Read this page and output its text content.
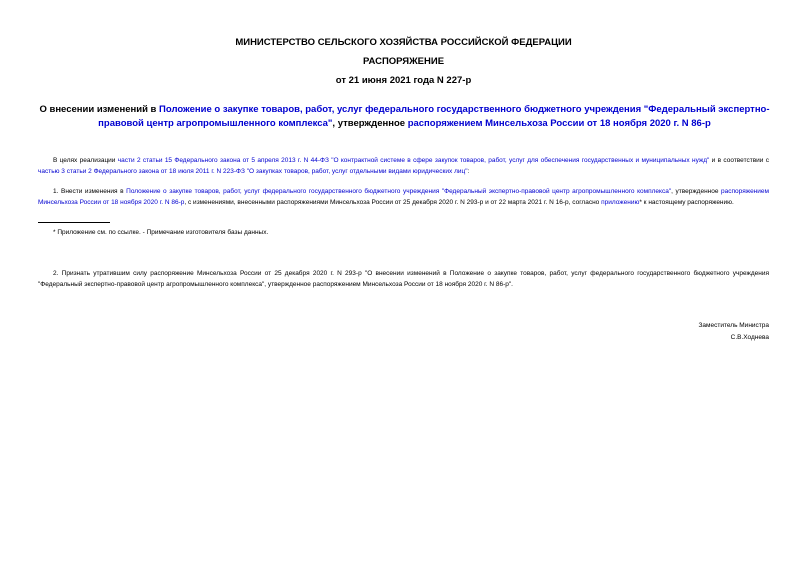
МИНИСТЕРСТВО СЕЛЬСКОГО ХОЗЯЙСТВА РОССИЙСКОЙ ФЕДЕРАЦИИ
РАСПОРЯЖЕНИЕ
от 21 июня 2021 года N 227-р
О внесении изменений в Положение о закупке товаров, работ, услуг федерального государственного бюджетного учреждения "Федеральный экспертно-правовой центр агропромышленного комплекса", утвержденное распоряжением Минсельхоза России от 18 ноября 2020 г. N 86-р
В целях реализации части 2 статьи 15 Федерального закона от 5 апреля 2013 г. N 44-ФЗ "О контрактной системе в сфере закупок товаров, работ, услуг для обеспечения государственных и муниципальных нужд" и в соответствии с частью 3 статьи 2 Федерального закона от 18 июля 2011 г. N 223-ФЗ "О закупках товаров, работ, услуг отдельными видами юридических лиц":
1. Внести изменения в Положение о закупке товаров, работ, услуг федерального государственного бюджетного учреждения "Федеральный экспертно-правовой центр агропромышленного комплекса", утвержденное распоряжением Минсельхоза России от 18 ноября 2020 г. N 86-р, с изменениями, внесенными распоряжениями Минсельхоза России от 25 декабря 2020 г. N 293-р и от 22 марта 2021 г. N 16-р, согласно приложению* к настоящему распоряжению.
* Приложение см. по ссылке. - Примечание изготовителя базы данных.
2. Признать утратившим силу распоряжение Минсельхоза России от 25 декабря 2020 г. N 293-р "О внесении изменений в Положение о закупке товаров, работ, услуг федерального государственного бюджетного учреждения "Федеральный экспертно-правовой центр агропромышленного комплекса", утвержденное распоряжением Минсельхоза России от 18 ноября 2020 г. N 86-р".
Заместитель Министра
С.В.Ходнева
